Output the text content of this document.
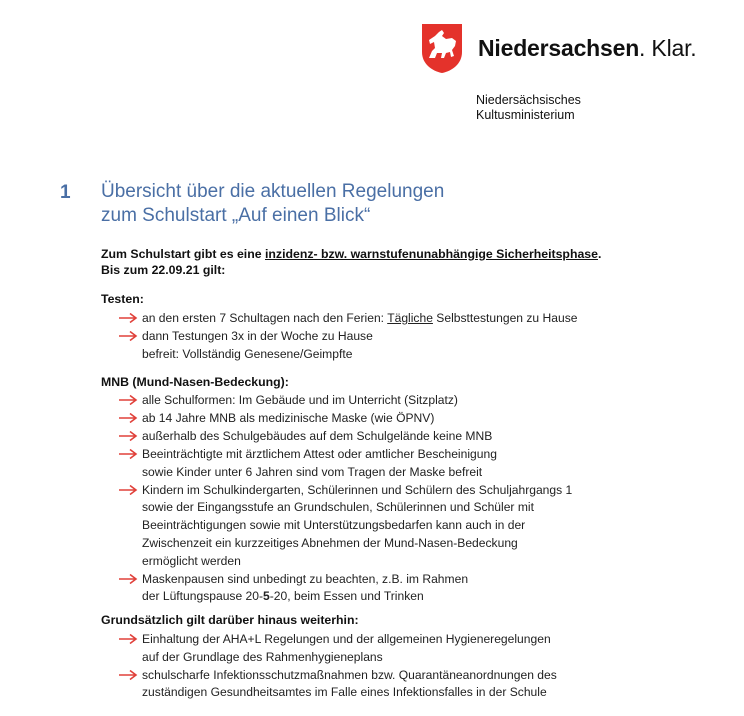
Niedersachsen. Klar.
Niedersächsisches
Kultusministerium
1 Übersicht über die aktuellen Regelungen
zum Schulstart „Auf einen Blick“
Zum Schulstart gibt es eine inzidenz- bzw. warnstufenunabhängige Sicherheitsphase.
Bis zum 22.09.21 gilt:
Testen:
an den ersten 7 Schultagen nach den Ferien: Tägliche Selbsttestungen zu Hause
dann Testungen 3x in der Woche zu Hause
befreit: Vollständig Genesene/Geimpfte
MNB (Mund-Nasen-Bedeckung):
alle Schulformen: Im Gebäude und im Unterricht (Sitzplatz)
ab 14 Jahre MNB als medizinische Maske (wie ÖPNV)
außerhalb des Schulgebäudes auf dem Schulgelände keine MNB
Beeinträchtigte mit ärztlichem Attest oder amtlicher Bescheinigung
sowie Kinder unter 6 Jahren sind vom Tragen der Maske befreit
Kindern im Schulkindergarten, Schülerinnen und Schülern des Schuljahrgangs 1
sowie der Eingangsstufe an Grundschulen, Schülerinnen und Schüler mit
Beeinträchtigungen sowie mit Unterstützungsbedarfen kann auch in der
Zwischenzeit ein kurzzeitiges Abnehmen der Mund-Nasen-Bedeckung
ermöglicht werden
Maskenpausen sind unbedingt zu beachten, z.B. im Rahmen
der Lüftungspause 20-5-20, beim Essen und Trinken
Grundsätzlich gilt darüber hinaus weiterhin:
Einhaltung der AHA+L Regelungen und der allgemeinen Hygieneregelungen
auf der Grundlage des Rahmenhygieneplans
schulscharfe Infektionsschutzmaßnahmen bzw. Quarantäneanordnungen des
zuständigen Gesundheitsamtes im Falle eines Infektionsfalles in der Schule
